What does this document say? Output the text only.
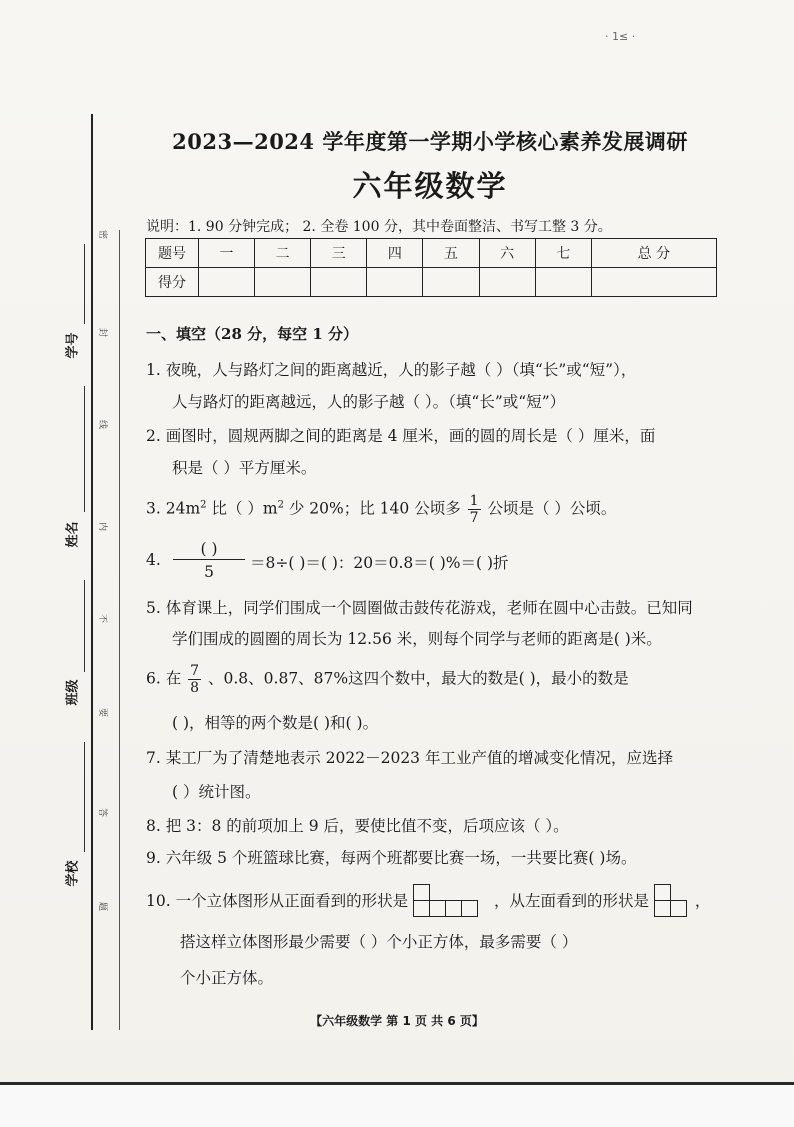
· 1≤ ·
密
封
线
内
不
要
答
题
学号
姓名
班级
学校
2023—2024 学年度第一学期小学核心素养发展调研
六年级数学
说明：1. 90 分钟完成； 2. 全卷 100 分，其中卷面整洁、书写工整 3 分。
题号	一	二	三	四	五	六	七	总 分
得分								
一、填空（28 分，每空 1 分）
1. 夜晚，人与路灯之间的距离越近，人的影子越（ ）（填“长”或“短”），
人与路灯的距离越远，人的影子越（ ）。（填“长”或“短”）
2. 画图时，圆规两脚之间的距离是 4 厘米，画的圆的周长是（ ）厘米，面
积是（ ）平方厘米。
3. $24m^2$ 比（ ）$m^2$ 少 20%；比 140 公顷多 $\frac{1}{7}$ 公顷是（ ）公顷。
4.
( )
5	＝8÷( )＝( )：20＝0.8＝( )%＝( )折
5. 体育课上，同学们围成一个圆圈做击鼓传花游戏，老师在圆中心击鼓。已知同
学们围成的圆圈的周长为 12.56 米，则每个同学与老师的距离是( )米。
6. 在 $\frac{7}{8}$ 、0.8、0.87、87%这四个数中，最大的数是( )，最小的数是
( )，相等的两个数是( )和( )。
7. 某工厂为了清楚地表示 2022－2023 年工业产值的增减变化情况，应选择
( ）统计图。
8. 把 3：8 的前项加上 9 后，要使比值不变，后项应该（ ）。
9. 六年级 5 个班篮球比赛，每两个班都要比赛一场，一共要比赛( )场。
10. 一个立体图形从正面看到的形状是	，从左面看到的形状是	，
搭这样立体图形最少需要（ ）个小正方体，最多需要（ ）
个小正方体。
【六年级数学 第 1 页 共 6 页】
